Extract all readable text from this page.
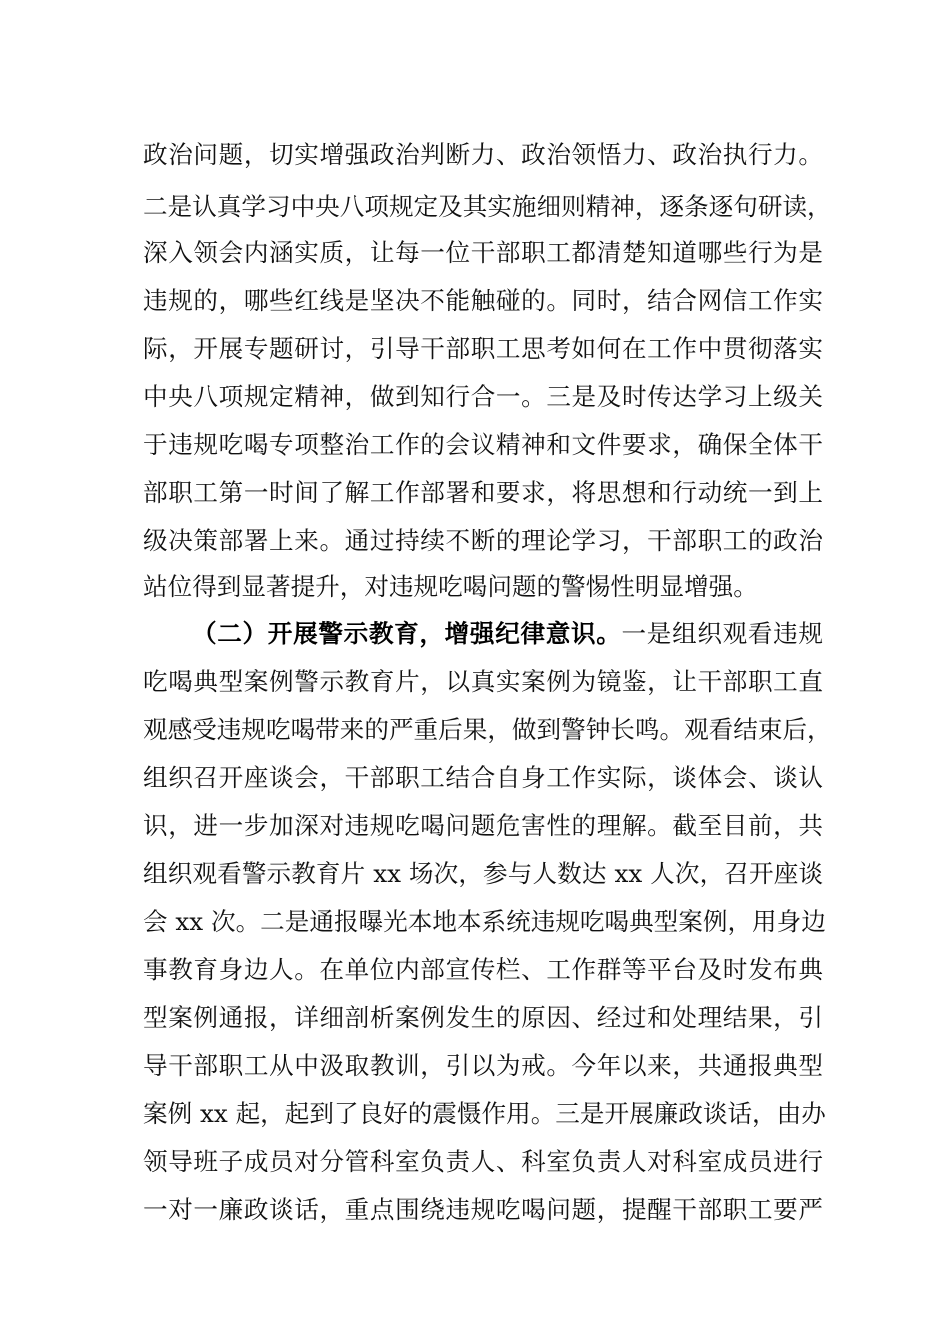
政治问题，切实增强政治判断力、政治领悟力、政治执行力。
二是认真学习中央八项规定及其实施细则精神，逐条逐句研读，
深入领会内涵实质，让每一位干部职工都清楚知道哪些行为是
违规的，哪些红线是坚决不能触碰的。同时，结合网信工作实
际，开展专题研讨，引导干部职工思考如何在工作中贯彻落实
中央八项规定精神，做到知行合一。三是及时传达学习上级关
于违规吃喝专项整治工作的会议精神和文件要求，确保全体干
部职工第一时间了解工作部署和要求，将思想和行动统一到上
级决策部署上来。通过持续不断的理论学习，干部职工的政治
站位得到显著提升，对违规吃喝问题的警惕性明显增强。
（二）开展警示教育，增强纪律意识。一是组织观看违规
吃喝典型案例警示教育片，以真实案例为镜鉴，让干部职工直
观感受违规吃喝带来的严重后果，做到警钟长鸣。观看结束后，
组织召开座谈会，干部职工结合自身工作实际，谈体会、谈认
识，进一步加深对违规吃喝问题危害性的理解。截至目前，共
组织观看警示教育片 xx 场次，参与人数达 xx 人次，召开座谈
会 xx 次。二是通报曝光本地本系统违规吃喝典型案例，用身边
事教育身边人。在单位内部宣传栏、工作群等平台及时发布典
型案例通报，详细剖析案例发生的原因、经过和处理结果，引
导干部职工从中汲取教训，引以为戒。今年以来，共通报典型
案例 xx 起，起到了良好的震慑作用。三是开展廉政谈话，由办
领导班子成员对分管科室负责人、科室负责人对科室成员进行
一对一廉政谈话，重点围绕违规吃喝问题，提醒干部职工要严
